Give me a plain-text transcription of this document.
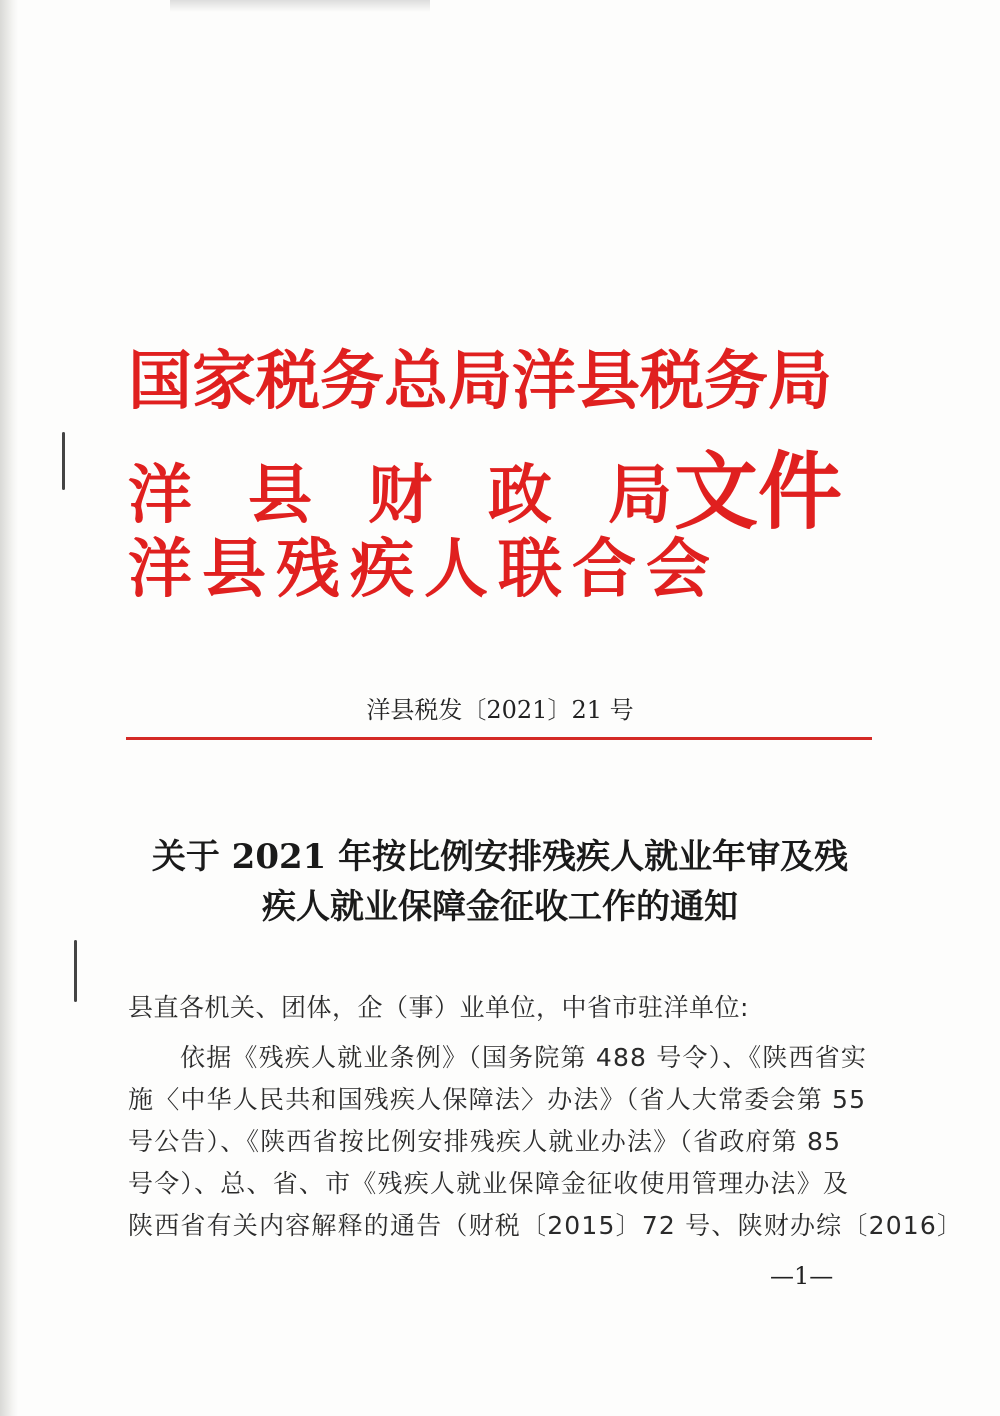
国家税务总局洋县税务局
洋 县 财 政 局文件
洋 县 残 疾 人 联 合 会
洋县税发〔2021〕21 号
关于 2021 年按比例安排残疾人就业年审及残
疾人就业保障金征收工作的通知
县直各机关、团体，企（事）业单位，中省市驻洋单位:
依据《残疾人就业条例》（国务院第 488 号令）、《陕西省实
施〈中华人民共和国残疾人保障法〉办法》（省人大常委会第 55
号公告）、《陕西省按比例安排残疾人就业办法》（省政府第 85
号令）、总、省、市《残疾人就业保障金征收使用管理办法》及
陕西省有关内容解释的通告（财税〔2015〕72 号、陕财办综〔2016〕
—1—
